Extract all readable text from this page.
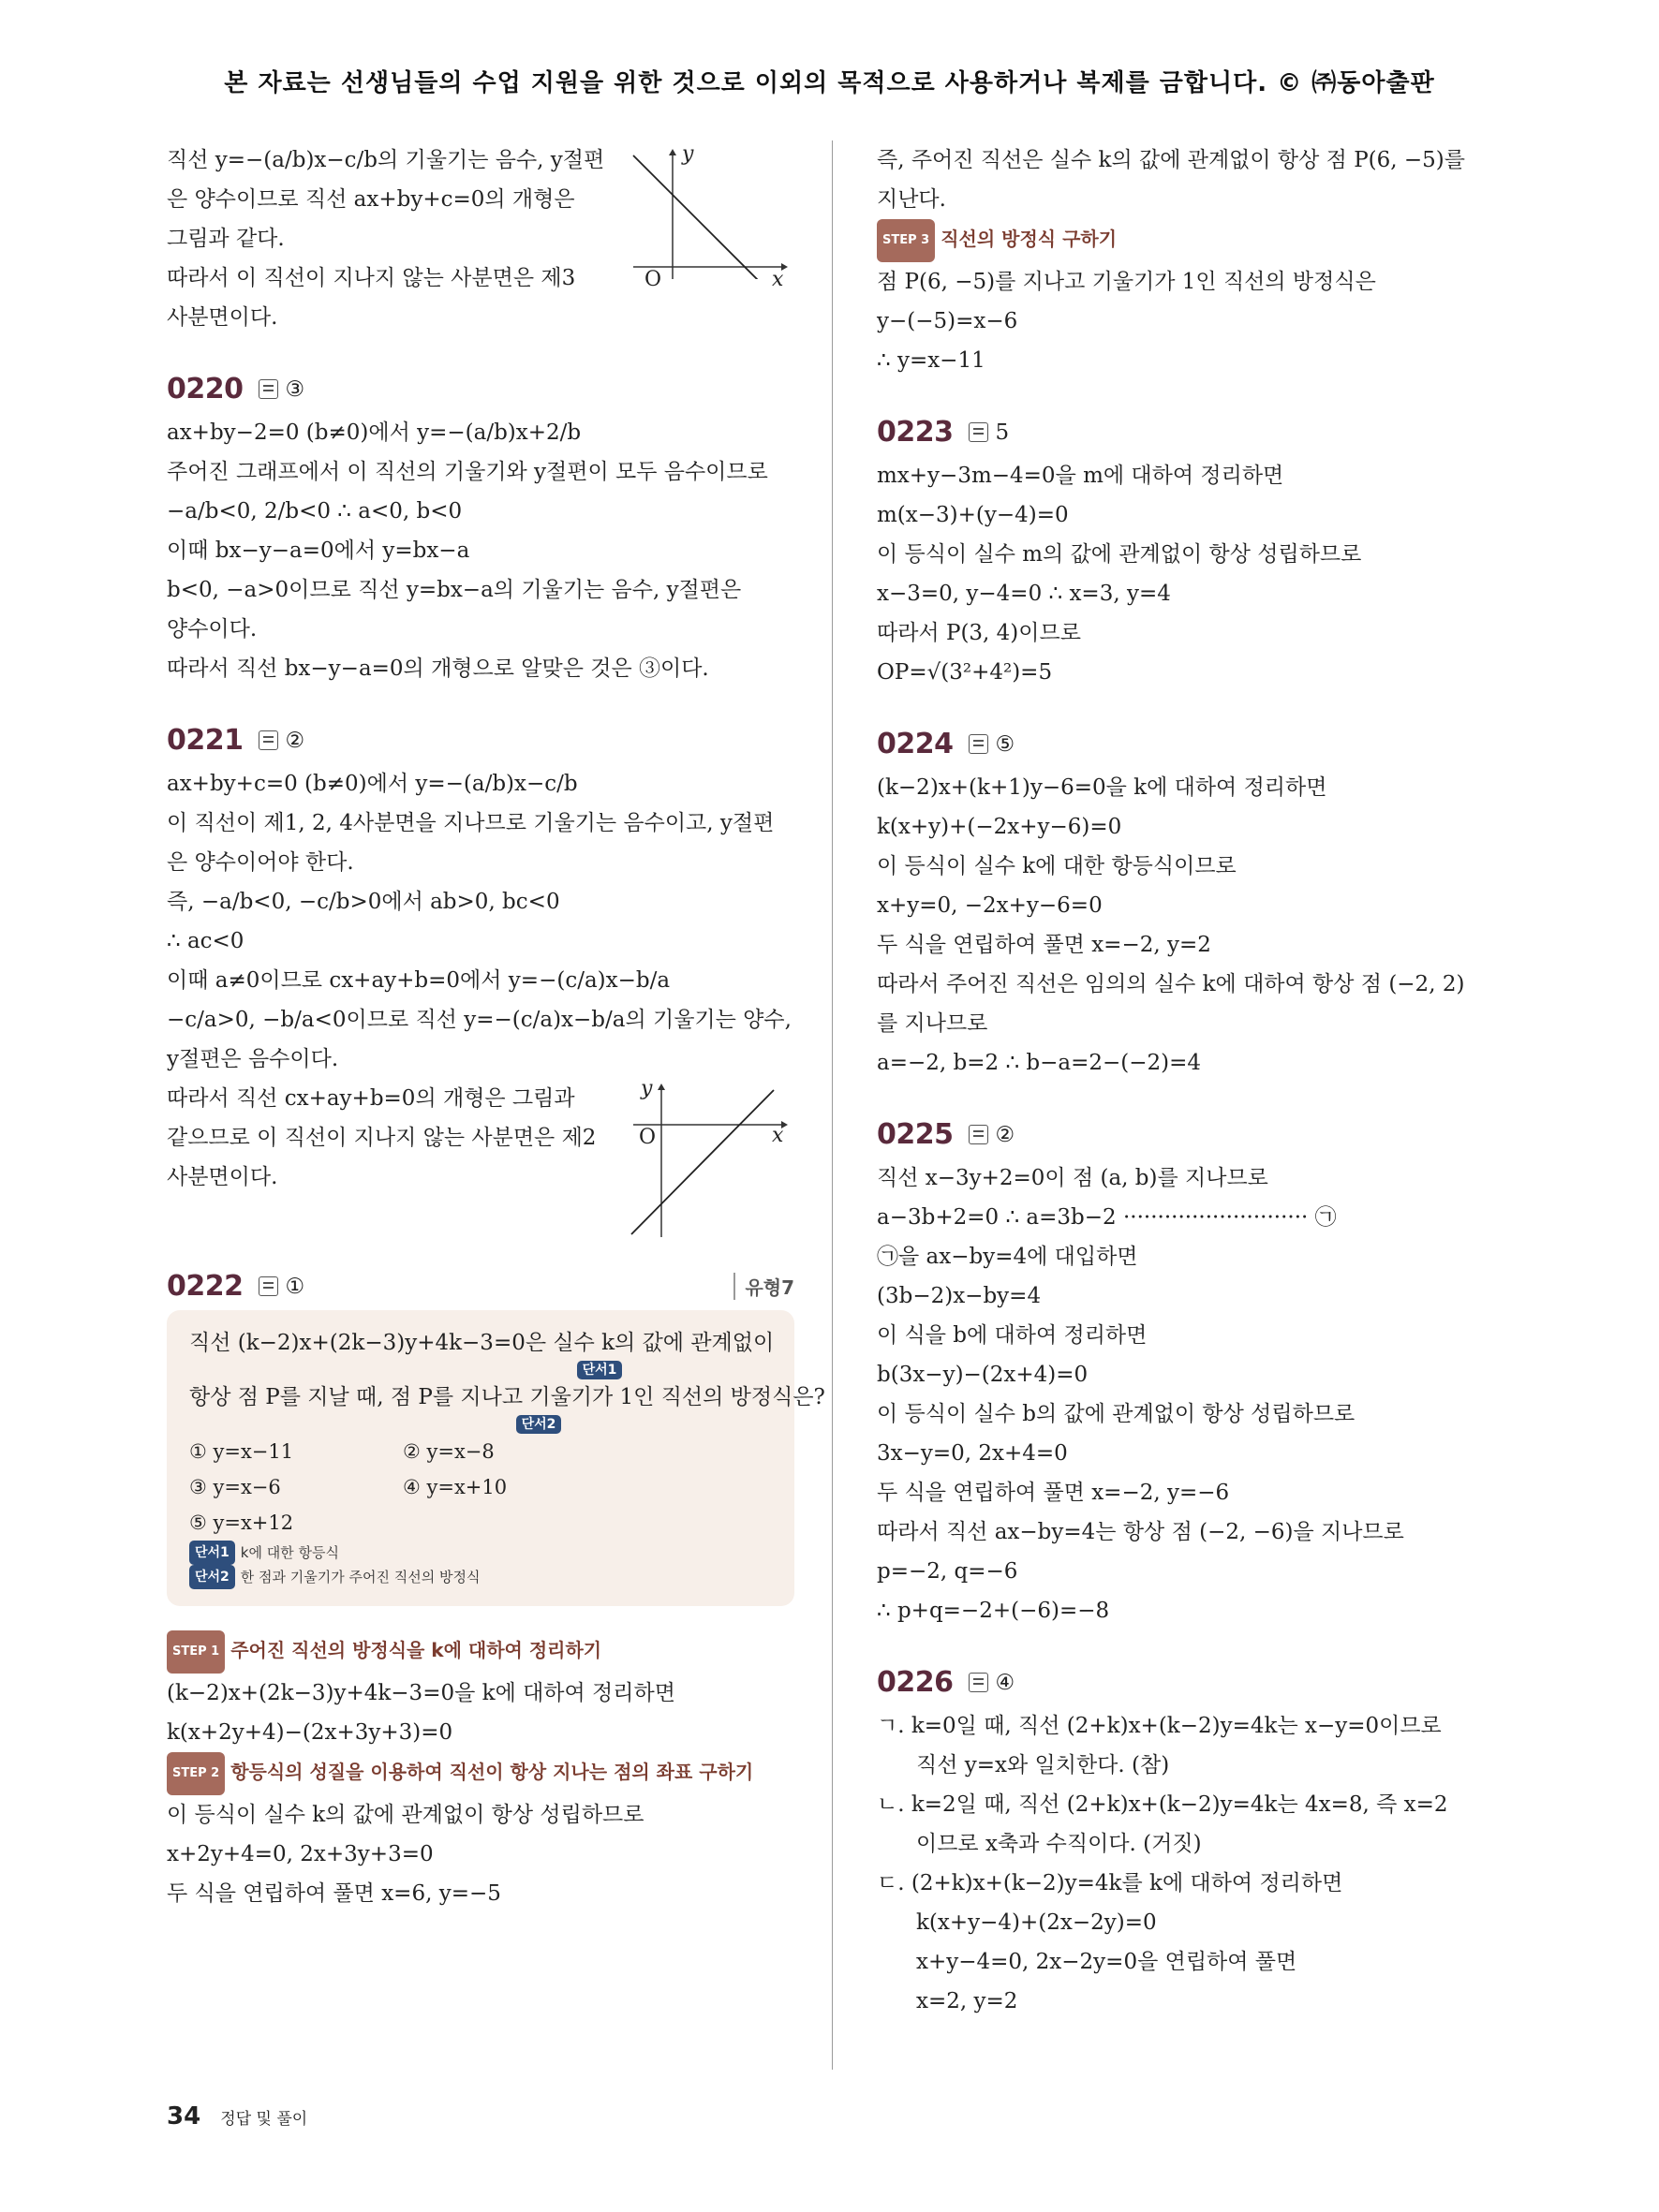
본 자료는 선생님들의 수업 지원을 위한 것으로 이외의 목적으로 사용하거나 복제를 금합니다. © ㈜동아출판
직선 y=−(a/b)x−c/b의 기울기는 음수, y절편
은 양수이므로 직선 ax+by+c=0의 개형은
그림과 같다.
따라서 이 직선이 지나지 않는 사분면은 제3
사분면이다.
y
x
O
0220 ③
ax+by−2=0 (b≠0)에서 y=−(a/b)x+2/b
주어진 그래프에서 이 직선의 기울기와 y절편이 모두 음수이므로
−a/b<0, 2/b<0 ∴ a<0, b<0
이때 bx−y−a=0에서 y=bx−a
b<0, −a>0이므로 직선 y=bx−a의 기울기는 음수, y절편은
양수이다.
따라서 직선 bx−y−a=0의 개형으로 알맞은 것은 ③이다.
0221 ②
ax+by+c=0 (b≠0)에서 y=−(a/b)x−c/b
이 직선이 제1, 2, 4사분면을 지나므로 기울기는 음수이고, y절편
은 양수이어야 한다.
즉, −a/b<0, −c/b>0에서 ab>0, bc<0
∴ ac<0
이때 a≠0이므로 cx+ay+b=0에서 y=−(c/a)x−b/a
−c/a>0, −b/a<0이므로 직선 y=−(c/a)x−b/a의 기울기는 양수,
y절편은 음수이다.
따라서 직선 cx+ay+b=0의 개형은 그림과
같으므로 이 직선이 지나지 않는 사분면은 제2
사분면이다.
y
x
O
0222 ①	유형7
직선 (k−2)x+(2k−3)y+4k−3=0은 실수 k의 값에 관계없이
단서1
항상 점 P를 지날 때, 점 P를 지나고 기울기가 1인 직선의 방정식은?
단서2
① y=x−11	② y=x−8
③ y=x−6	④ y=x+10
⑤ y=x+12
단서1 k에 대한 항등식
단서2 한 점과 기울기가 주어진 직선의 방정식
STEP 1 주어진 직선의 방정식을 k에 대하여 정리하기
(k−2)x+(2k−3)y+4k−3=0을 k에 대하여 정리하면
k(x+2y+4)−(2x+3y+3)=0
STEP 2 항등식의 성질을 이용하여 직선이 항상 지나는 점의 좌표 구하기
이 등식이 실수 k의 값에 관계없이 항상 성립하므로
x+2y+4=0, 2x+3y+3=0
두 식을 연립하여 풀면 x=6, y=−5
즉, 주어진 직선은 실수 k의 값에 관계없이 항상 점 P(6, −5)를
지난다.
STEP 3 직선의 방정식 구하기
점 P(6, −5)를 지나고 기울기가 1인 직선의 방정식은
y−(−5)=x−6
∴ y=x−11
0223 5
mx+y−3m−4=0을 m에 대하여 정리하면
m(x−3)+(y−4)=0
이 등식이 실수 m의 값에 관계없이 항상 성립하므로
x−3=0, y−4=0 ∴ x=3, y=4
따라서 P(3, 4)이므로
OP=√(3²+4²)=5
0224 ⑤
(k−2)x+(k+1)y−6=0을 k에 대하여 정리하면
k(x+y)+(−2x+y−6)=0
이 등식이 실수 k에 대한 항등식이므로
x+y=0, −2x+y−6=0
두 식을 연립하여 풀면 x=−2, y=2
따라서 주어진 직선은 임의의 실수 k에 대하여 항상 점 (−2, 2)
를 지나므로
a=−2, b=2 ∴ b−a=2−(−2)=4
0225 ②
직선 x−3y+2=0이 점 (a, b)를 지나므로
a−3b+2=0 ∴ a=3b−2 ··························· ㉠
㉠을 ax−by=4에 대입하면
(3b−2)x−by=4
이 식을 b에 대하여 정리하면
b(3x−y)−(2x+4)=0
이 등식이 실수 b의 값에 관계없이 항상 성립하므로
3x−y=0, 2x+4=0
두 식을 연립하여 풀면 x=−2, y=−6
따라서 직선 ax−by=4는 항상 점 (−2, −6)을 지나므로
p=−2, q=−6
∴ p+q=−2+(−6)=−8
0226 ④
ㄱ. k=0일 때, 직선 (2+k)x+(k−2)y=4k는 x−y=0이므로
직선 y=x와 일치한다. (참)
ㄴ. k=2일 때, 직선 (2+k)x+(k−2)y=4k는 4x=8, 즉 x=2
이므로 x축과 수직이다. (거짓)
ㄷ. (2+k)x+(k−2)y=4k를 k에 대하여 정리하면
k(x+y−4)+(2x−2y)=0
x+y−4=0, 2x−2y=0을 연립하여 풀면
x=2, y=2
34 정답 및 풀이
